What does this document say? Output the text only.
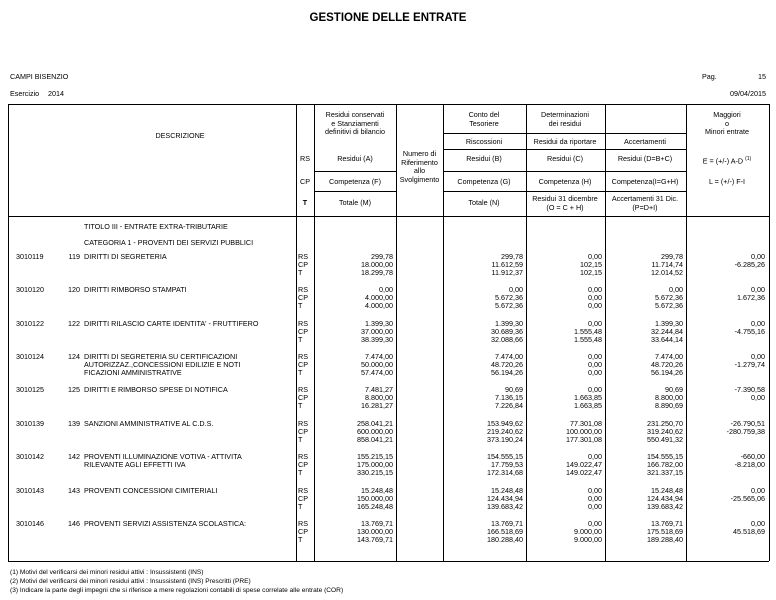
GESTIONE DELLE ENTRATE
CAMPI BISENZIO	Pag.	15
Esercizio 2014	09/04/2015
DESCRIZIONE
Residui conservati
e Stanziamenti
definitivi di bilancio
Numero di
Riferimento
allo
Svolgimento
Conto del
Tesoriere
Determinazioni
dei residui
Maggiori
o
Minori entrate
Riscossioni	Residui da riportare	Accertamenti
RS	Residui (A)	Residui (B)	Residui (C)	Residui (D=B+C)	E = (+/-) A-D $^{(1)}$
CP	Competenza (F)	Competenza (G)	Competenza (H)	Competenza(I=G+H)	L = (+/-) F-I
T	Totale (M)	Totale (N)	Residui 31 dicembre
(O = C + H)
Accertamenti 31 Dic.
(P=D+I)
TITOLO III - ENTRATE EXTRA-TRIBUTARIE
CATEGORIA 1 - PROVENTI DEI SERVIZI PUBBLICI
3010119	119 DIRITTI DI SEGRETERIA	RS	299,78	299,78	0,00	299,78	0,00
CP	18.000,00	11.612,59	102,15	11.714,74	-6.285,26
T	18.299,78	11.912,37	102,15	12.014,52
3010120	120 DIRITTI RIMBORSO STAMPATI	RS	0,00	0,00	0,00	0,00	0,00
CP	4.000,00	5.672,36	0,00	5.672,36	1.672,36
T	4.000,00	5.672,36	0,00	5.672,36
3010122	122 DIRITTI RILASCIO CARTE IDENTITA' - FRUTTIFERO	RS	1.399,30	1.399,30	0,00	1.399,30	0,00
CP	37.000,00	30.689,36	1.555,48	32.244,84	-4.755,16
T	38.399,30	32.088,66	1.555,48	33.644,14
3010124	124 DIRITTI DI SEGRETERIA SU CERTIFICAZIONI	RS	7.474,00	7.474,00	0,00	7.474,00	0,00
AUTORIZZAZ.,CONCESSIONI EDILIZIE E NOTI	CP	50.000,00	48.720,26	0,00	48.720,26	-1.279,74
FICAZIONI AMMINISTRATIVE	T	57.474,00	56.194,26	0,00	56.194,26
3010125	125 DIRITTI E RIMBORSO SPESE DI NOTIFICA	RS	7.481,27	90,69	0,00	90,69	-7.390,58
CP	8.800,00	7.136,15	1.663,85	8.800,00	0,00
T	16.281,27	7.226,84	1.663,85	8.890,69
3010139	139 SANZIONI AMMINISTRATIVE AL C.D.S.	RS	258.041,21	153.949,62	77.301,08	231.250,70	-26.790,51
CP	600.000,00	219.240,62	100.000,00	319.240,62	-280.759,38
T	858.041,21	373.190,24	177.301,08	550.491,32
3010142	142 PROVENTI ILLUMINAZIONE VOTIVA - ATTIVITA	RS	155.215,15	154.555,15	0,00	154.555,15	-660,00
RILEVANTE AGLI EFFETTI IVA	CP	175.000,00	17.759,53	149.022,47	166.782,00	-8.218,00
T	330.215,15	172.314,68	149.022,47	321.337,15
3010143	143 PROVENTI CONCESSIONI CIMITERIALI	RS	15.248,48	15.248,48	0,00	15.248,48	0,00
CP	150.000,00	124.434,94	0,00	124.434,94	-25.565,06
T	165.248,48	139.683,42	0,00	139.683,42
3010146	146 PROVENTI SERVIZI ASSISTENZA SCOLASTICA:	RS	13.769,71	13.769,71	0,00	13.769,71	0,00
CP	130.000,00	166.518,69	9.000,00	175.518,69	45.518,69
T	143.769,71	180.288,40	9.000,00	189.288,40
(1) Motivi del verificarsi dei minori residui attivi : Insussistenti (INS)
(2) Motivi del verificarsi dei minori residui attivi : Insussistenti (INS) Prescritti (PRE)
(3) Indicare la parte degli impegni che si riferisce a mere regolazioni contabili di spese correlate alle entrate (COR)
